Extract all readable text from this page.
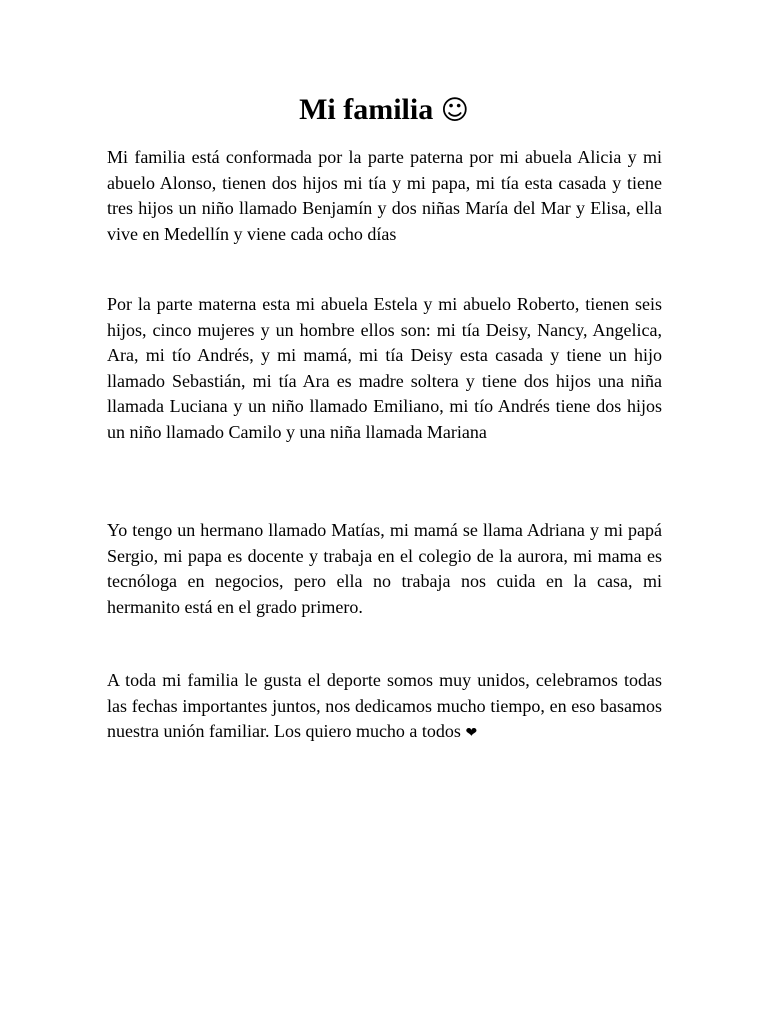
Mi familia ☺

Mi familia está conformada por la parte paterna por mi abuela Alicia y mi abuelo Alonso, tienen dos hijos mi tía y mi papa, mi tía esta casada y tiene tres hijos un niño llamado Benjamín y dos niñas María del Mar y Elisa, ella vive en Medellín y viene cada ocho días

Por la parte materna esta mi abuela Estela y mi abuelo Roberto, tienen seis hijos, cinco mujeres y un hombre ellos son: mi tía Deisy, Nancy, Angelica, Ara, mi tío Andrés, y mi mamá, mi tía Deisy esta casada y tiene un hijo llamado Sebastián, mi tía Ara es madre soltera y tiene dos hijos una niña llamada Luciana y un niño llamado Emiliano, mi tío Andrés tiene dos hijos un niño llamado Camilo y una niña llamada Mariana

Yo tengo un hermano llamado Matías, mi mamá se llama Adriana y mi papá Sergio, mi papa es docente y trabaja en el colegio de la aurora, mi mama es tecnóloga en negocios, pero ella no trabaja nos cuida en la casa, mi hermanito está en el grado primero.

A toda mi familia le gusta el deporte somos muy unidos, celebramos todas las fechas importantes juntos, nos dedicamos mucho tiempo, en eso basamos nuestra unión familiar. Los quiero mucho a todos ❤
